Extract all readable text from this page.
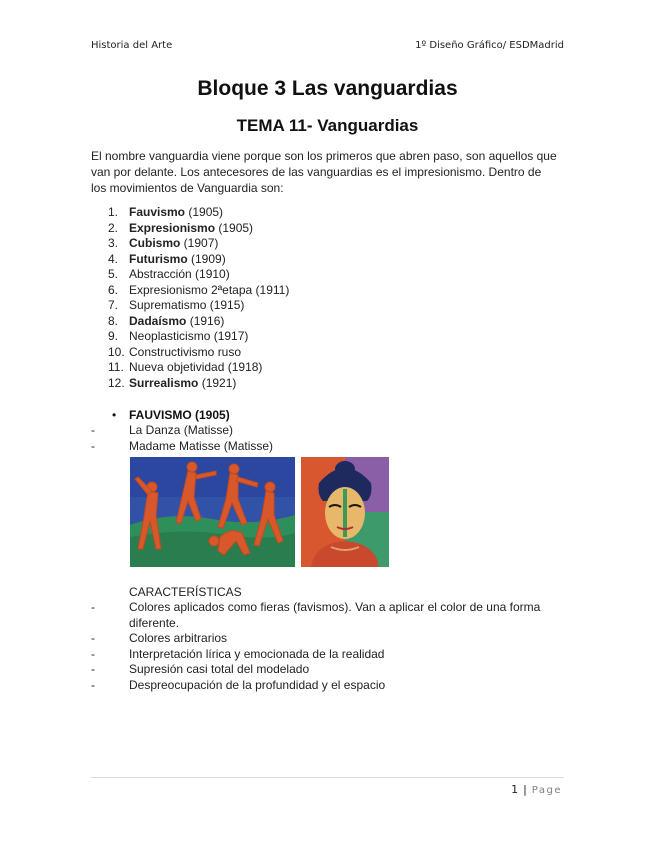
Historia del Arte	1º Diseño Gráfico/ ESDMadrid
Bloque 3 Las vanguardias
TEMA 11- Vanguardias

El nombre vanguardia viene porque son los primeros que abren paso, son aquellos que van por delante. Los antecesores de las vanguardias es el impresionismo. Dentro de los movimientos de Vanguardia son:

1. Fauvismo (1905)
2. Expresionismo (1905)
3. Cubismo (1907)
4. Futurismo (1909)
5. Abstracción (1910)
6. Expresionismo 2ªetapa (1911)
7. Suprematismo (1915)
8. Dadaísmo (1916)
9. Neoplasticismo (1917)
10. Constructivismo ruso
11. Nueva objetividad (1918)
12. Surrealismo (1921)
• FAUVISMO (1905)
-	La Danza (Matisse)
-	Madame Matisse (Matisse)
CARACTERÍSTICAS
-	Colores aplicados como fieras (favismos). Van a aplicar el color de una forma diferente.
-	Colores arbitrarios
-	Interpretación lírica y emocionada de la realidad
-	Supresión casi total del modelado
-	Despreocupación de la profundidad y el espacio
1 | Page
